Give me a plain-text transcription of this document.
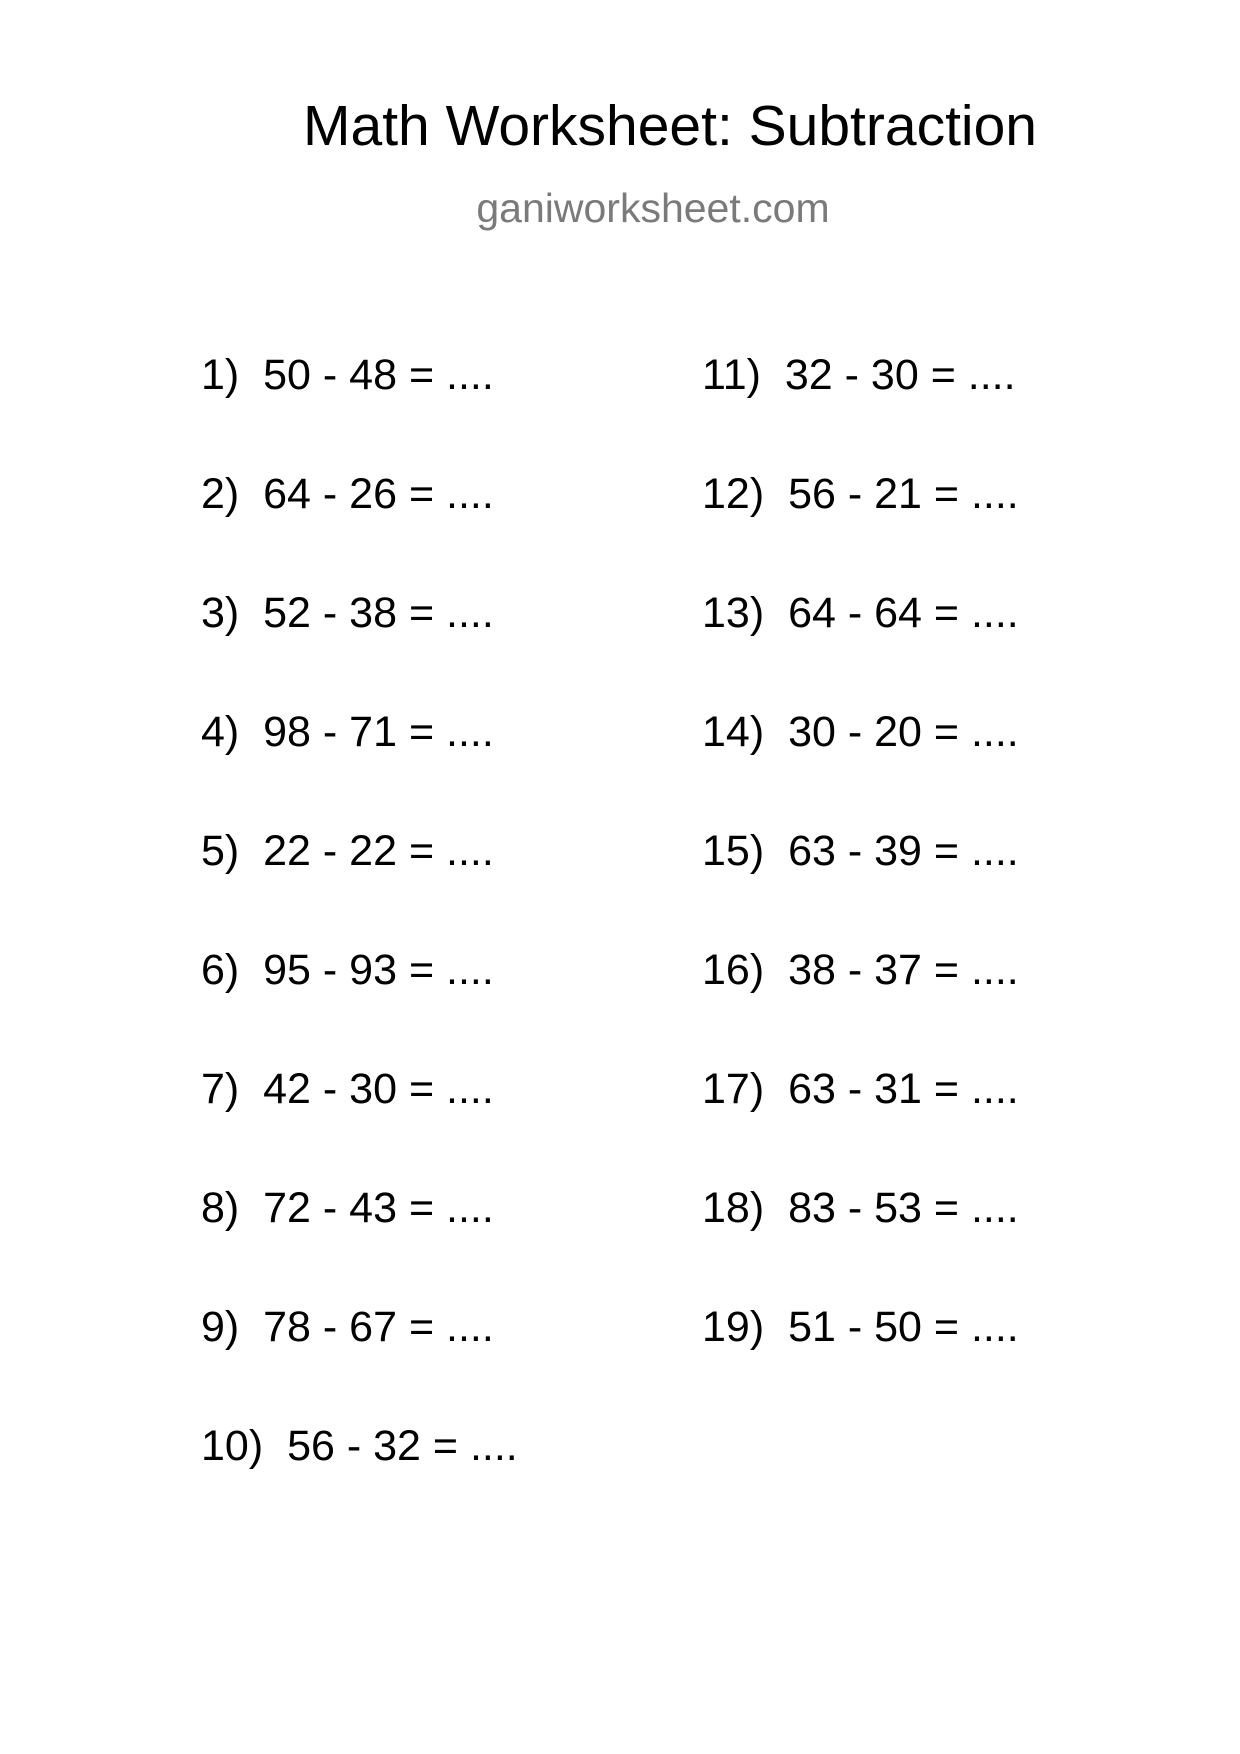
Math Worksheet: Subtraction
ganiworksheet.com
1) 50 - 48 = ....
2) 64 - 26 = ....
3) 52 - 38 = ....
4) 98 - 71 = ....
5) 22 - 22 = ....
6) 95 - 93 = ....
7) 42 - 30 = ....
8) 72 - 43 = ....
9) 78 - 67 = ....
10) 56 - 32 = ....
11) 32 - 30 = ....
12) 56 - 21 = ....
13) 64 - 64 = ....
14) 30 - 20 = ....
15) 63 - 39 = ....
16) 38 - 37 = ....
17) 63 - 31 = ....
18) 83 - 53 = ....
19) 51 - 50 = ....
